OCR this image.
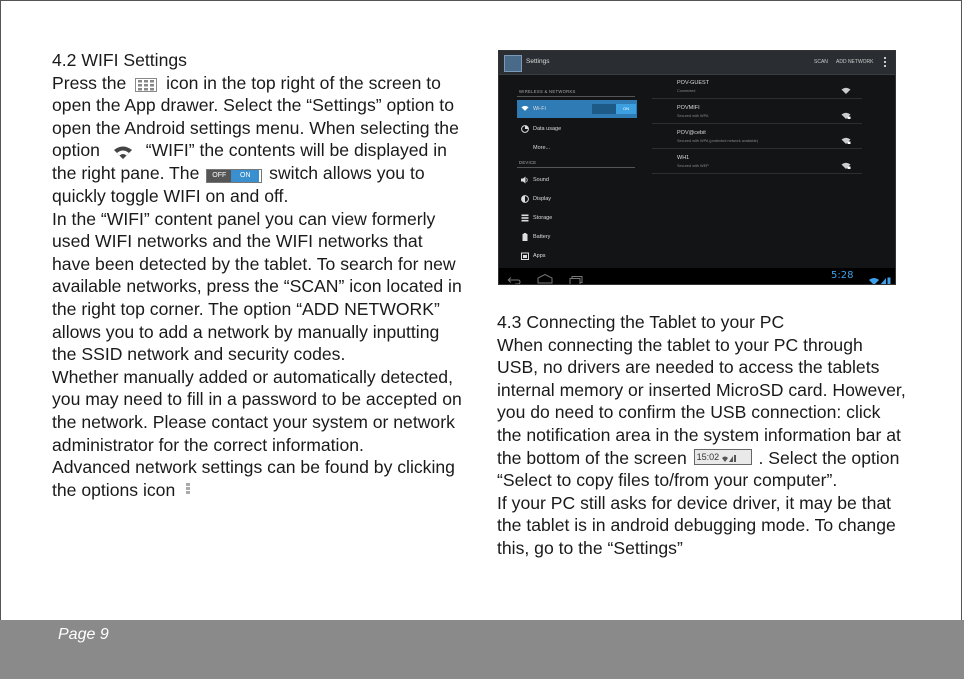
4.2 WIFI Settings

Press the icon in the top right of the screen to open the App drawer. Select the “Settings” option to open the Android settings menu. When selecting the option	“WIFI” the contents will be displayed in the right pane. The	OFF	ON	switch allows you to quickly toggle WIFI on and off.

In the “WIFI” content panel you can view formerly used WIFI networks and the WIFI networks that have been detected by the tablet. To search for new available networks, press the “SCAN” icon located in the right top corner. The option “ADD NETWORK” allows you to add a network by manually inputting the SSID network and security codes.

Whether manually added or automatically detected, you may need to fill in a password to be accepted on the network. Please contact your system or network administrator for the correct information.

Advanced network settings can be found by clicking the options icon

Settings	SCAN ADD NETWORK
WIRELESS & NETWORKS
Wi-Fi	ON
Data usage
More...
DEVICE
Sound
Display
Storage
Battery
Apps
POV-GUEST
Connected
POVMIFI
Secured with WPA
POV@cebit
Secured with WPA (protected network available)
WH1
Secured with WEP
5:28

4.3 Connecting the Tablet to your PC

When connecting the tablet to your PC through USB, no drivers are needed to access the tablets internal memory or inserted MicroSD card. However, you do need to confirm the USB connection: click the notification area in the system information bar at the bottom of the screen 15:02 . Select the option “Select to copy files to/from your computer”.

If your PC still asks for device driver, it may be that the tablet is in android debugging mode. To change this, go to the “Settings”

Page 9
